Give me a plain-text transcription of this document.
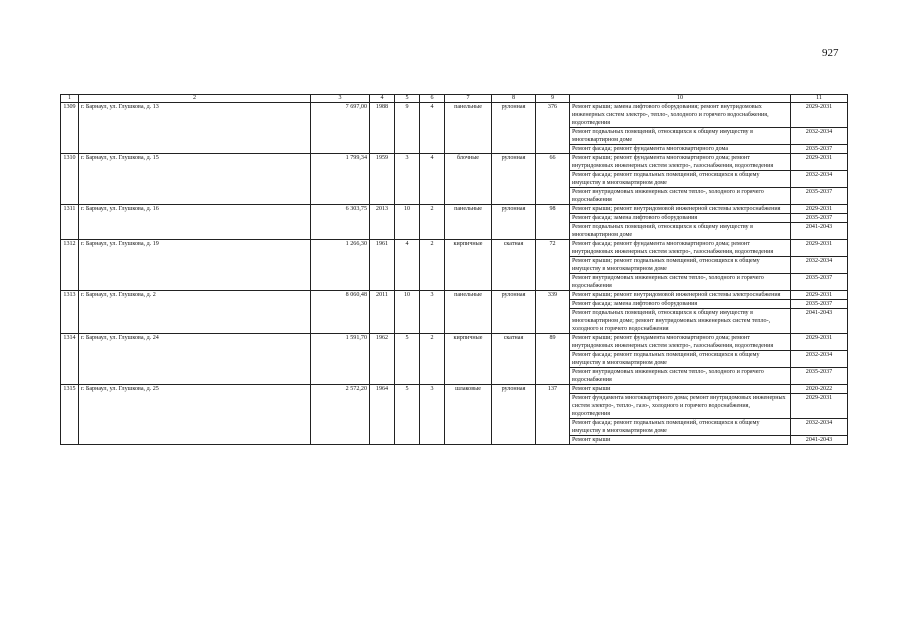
927
1	2	3	4	5	6	7	8	9	10	11
1309	г. Барнаул, ул. Глушкова, д. 13	7 697,00	1988	9	4	панельные	рулонная	376	Ремонт крыши; замена лифтового оборудования; ремонт внутридомовых инженерных систем электро-, тепло-, холодного и горячего водоснабжения, водоотведения	2029-2031
									Ремонт подвальных помещений, относящихся к общему имуществу в многоквартирном доме	2032-2034
									Ремонт фасада; ремонт фундамента многоквартирного дома	2035-2037
1310	г. Барнаул, ул. Глушкова, д. 15	1 799,34	1959	3	4	блочные	рулонная	66	Ремонт крыши; ремонт фундамента многоквартирного дома; ремонт внутридомовых инженерных систем электро-, газоснабжения, водоотведения	2029-2031
									Ремонт фасада; ремонт подвальных помещений, относящихся к общему имуществу в многоквартирном доме	2032-2034
									Ремонт внутридомовых инженерных систем тепло-, холодного и горячего водоснабжения	2035-2037
1311	г. Барнаул, ул. Глушкова, д. 16	6 303,75	2013	10	2	панельные	рулонная	98	Ремонт крыши; ремонт внутридомовой инженерной системы электроснабжения	2029-2031
									Ремонт фасада; замена лифтового оборудования	2035-2037
									Ремонт подвальных помещений, относящихся к общему имуществу в многоквартирном доме	2041-2043
1312	г. Барнаул, ул. Глушкова, д. 19	1 266,30	1961	4	2	кирпичные	скатная	72	Ремонт фасада; ремонт фундамента многоквартирного дома; ремонт внутридомовых инженерных систем электро-, газоснабжения, водоотведения	2029-2031
									Ремонт крыши; ремонт подвальных помещений, относящихся к общему имуществу в многоквартирном доме	2032-2034
									Ремонт внутридомовых инженерных систем тепло-, холодного и горячего водоснабжения	2035-2037
1313	г. Барнаул, ул. Глушкова, д. 2	8 060,48	2011	10	3	панельные	рулонная	339	Ремонт крыши; ремонт внутридомовой инженерной системы электроснабжения	2029-2031
									Ремонт фасада; замена лифтового оборудования	2035-2037
									Ремонт подвальных помещений, относящихся к общему имуществу в многоквартирном доме; ремонт внутридомовых инженерных систем тепло-, холодного и горячего водоснабжения	2041-2043
1314	г. Барнаул, ул. Глушкова, д. 24	1 591,70	1962	5	2	кирпичные	скатная	89	Ремонт крыши; ремонт фундамента многоквартирного дома; ремонт внутридомовых инженерных систем электро-, газоснабжения, водоотведения	2029-2031
									Ремонт фасада; ремонт подвальных помещений, относящихся к общему имуществу в многоквартирном доме	2032-2034
									Ремонт внутридомовых инженерных систем тепло-, холодного и горячего водоснабжения	2035-2037
1315	г. Барнаул, ул. Глушкова, д. 25	2 572,20	1964	5	3	шлаковые	рулонная	137	Ремонт крыши	2020-2022
									Ремонт фундамента многоквартирного дома; ремонт внутридомовых инженерных систем электро-, тепло-, газо-, холодного и горячего водоснабжения, водоотведения	2029-2031
									Ремонт фасада; ремонт подвальных помещений, относящихся к общему имуществу в многоквартирном доме	2032-2034
									Ремонт крыши	2041-2043
